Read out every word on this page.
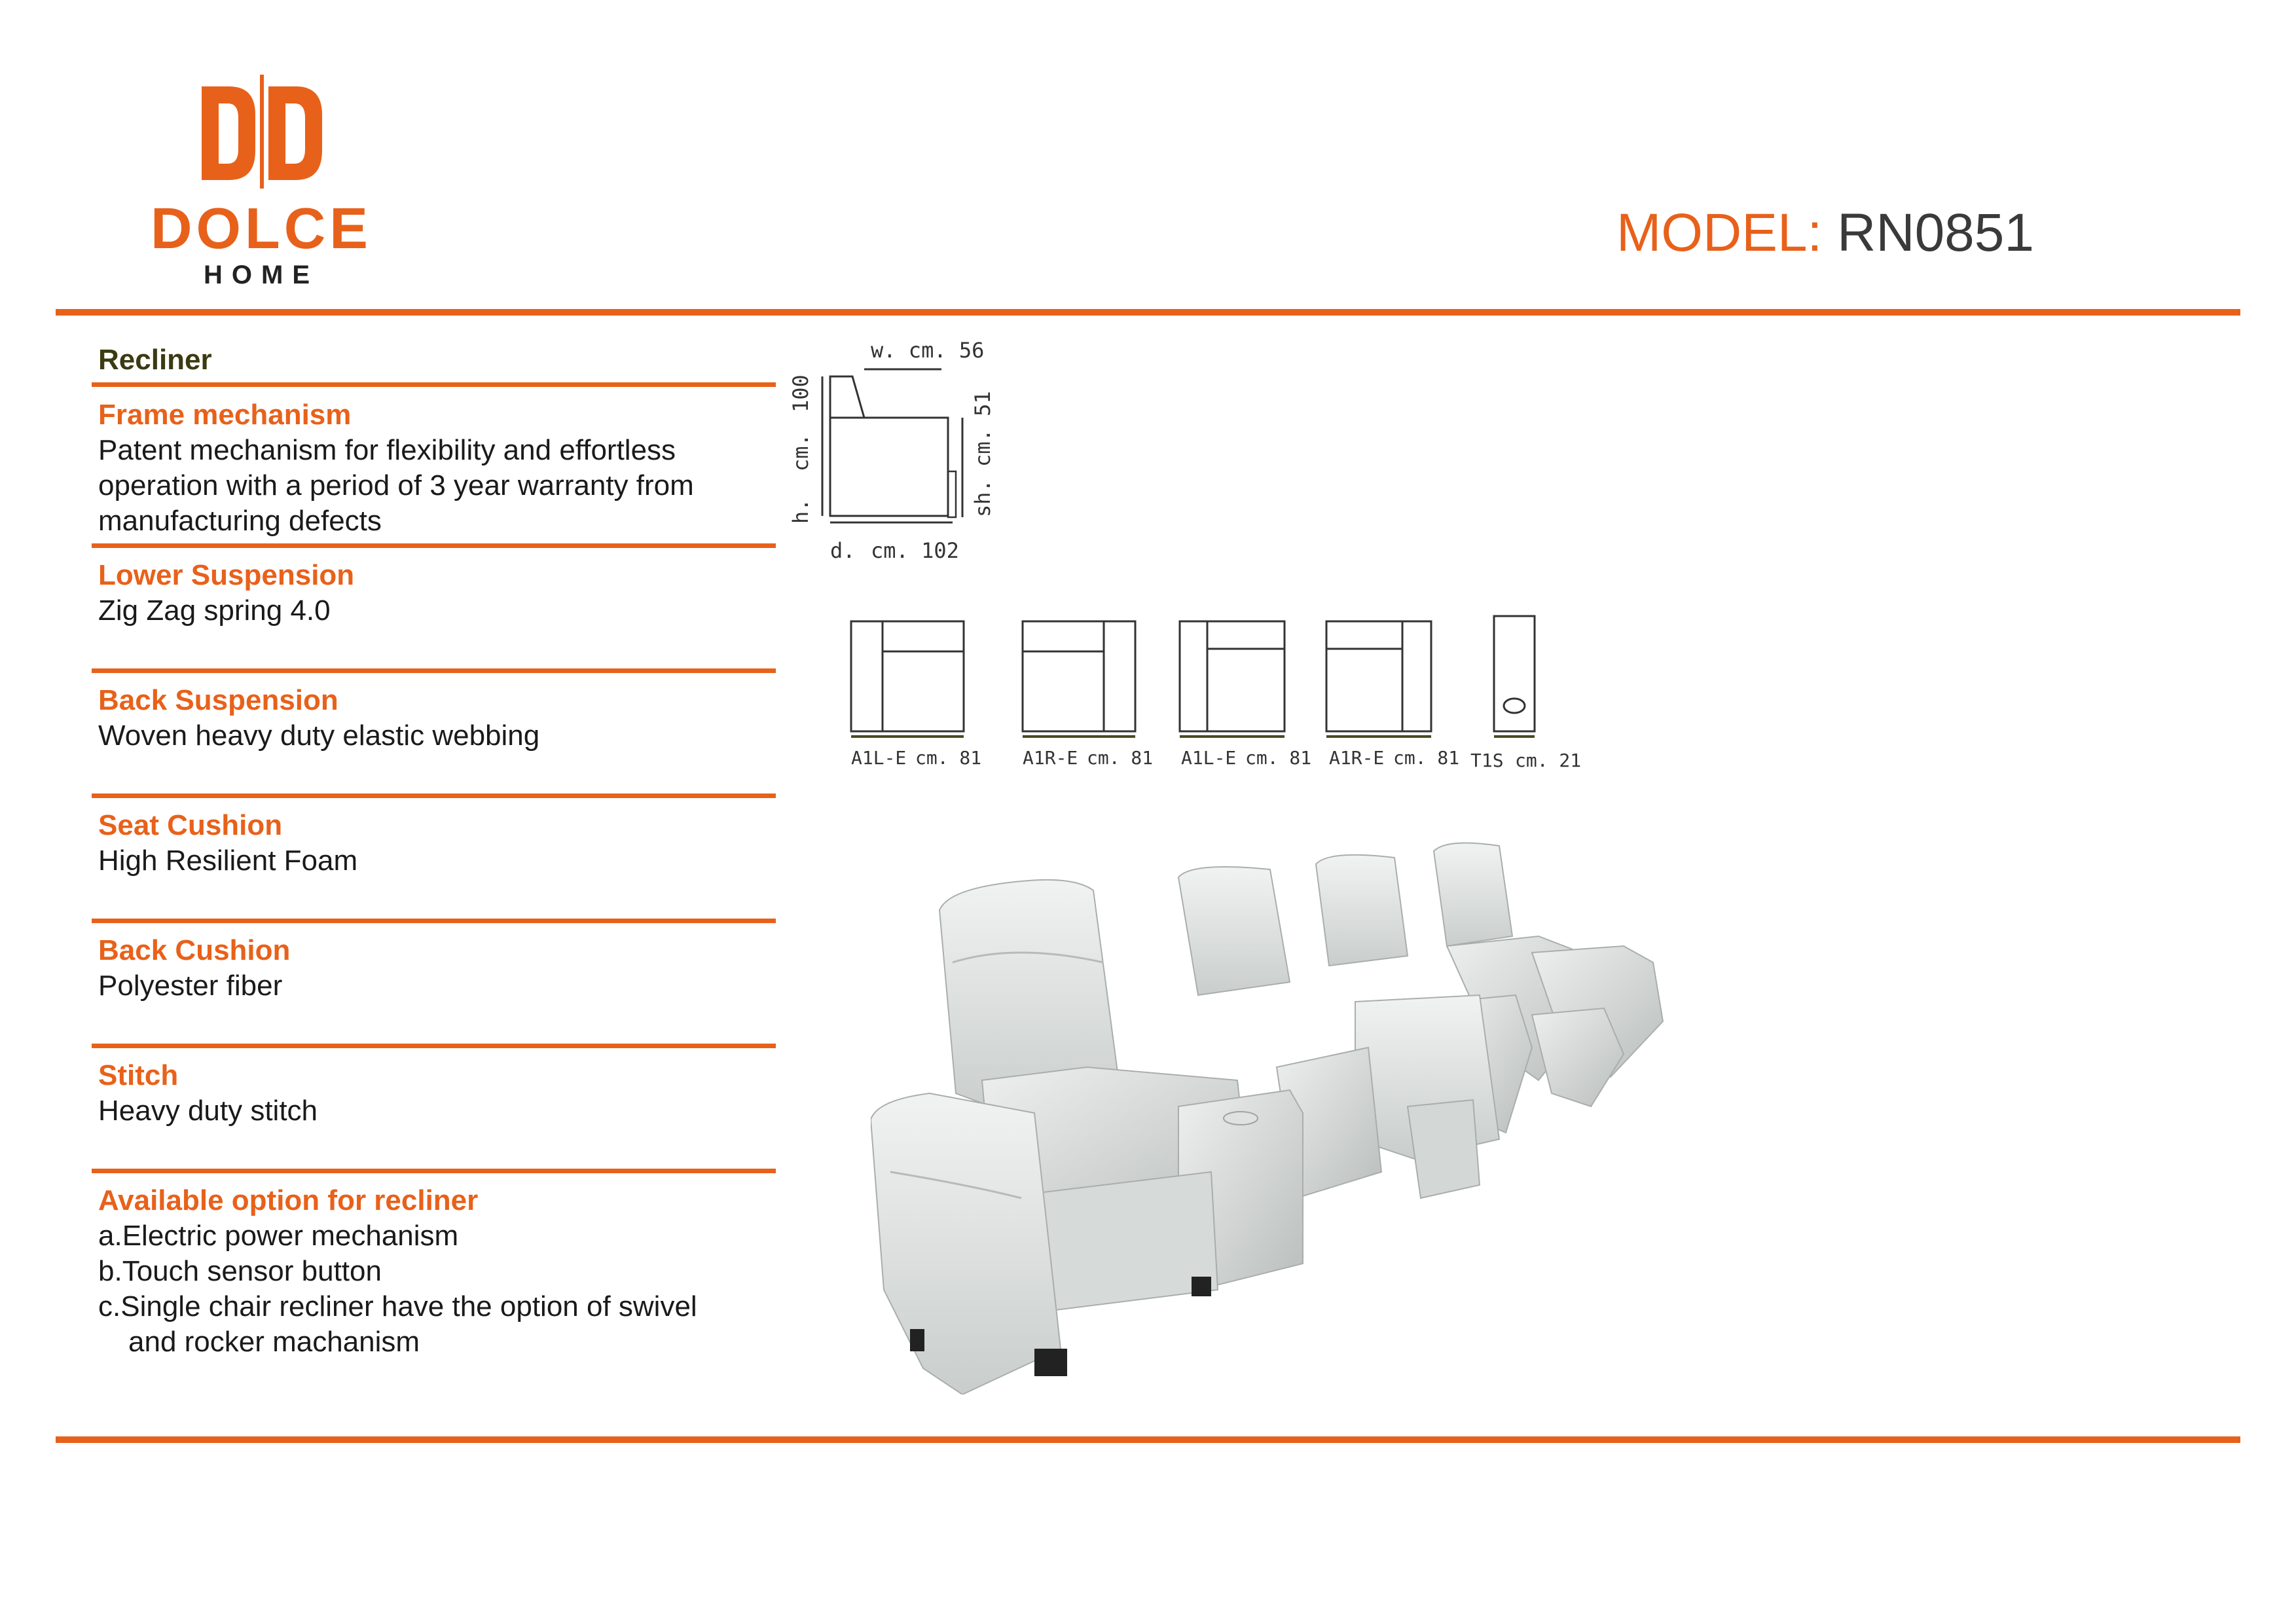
DOLCE
HOME
MODEL: RN0851
Recliner
Frame mechanism
Patent mechanism for flexibility and effortless
operation with a period of 3 year warranty from
manufacturing defects
Lower Suspension
Zig Zag spring 4.0
Back Suspension
Woven heavy duty elastic webbing
Seat Cushion
High Resilient Foam
Back Cushion
Polyester fiber
Stitch
Heavy duty stitch
Available option for recliner
a.Electric power mechanism
b.Touch sensor button
c.Single chair recliner have the option of swivel
and rocker machanism
w. cm. 56
h.
cm.
100	sh. cm. 51
d. cm. 102
A1L-E cm. 81 A1R-E cm. 81 A1L-E cm. 81 A1R-E cm. 81 T1S cm. 21
